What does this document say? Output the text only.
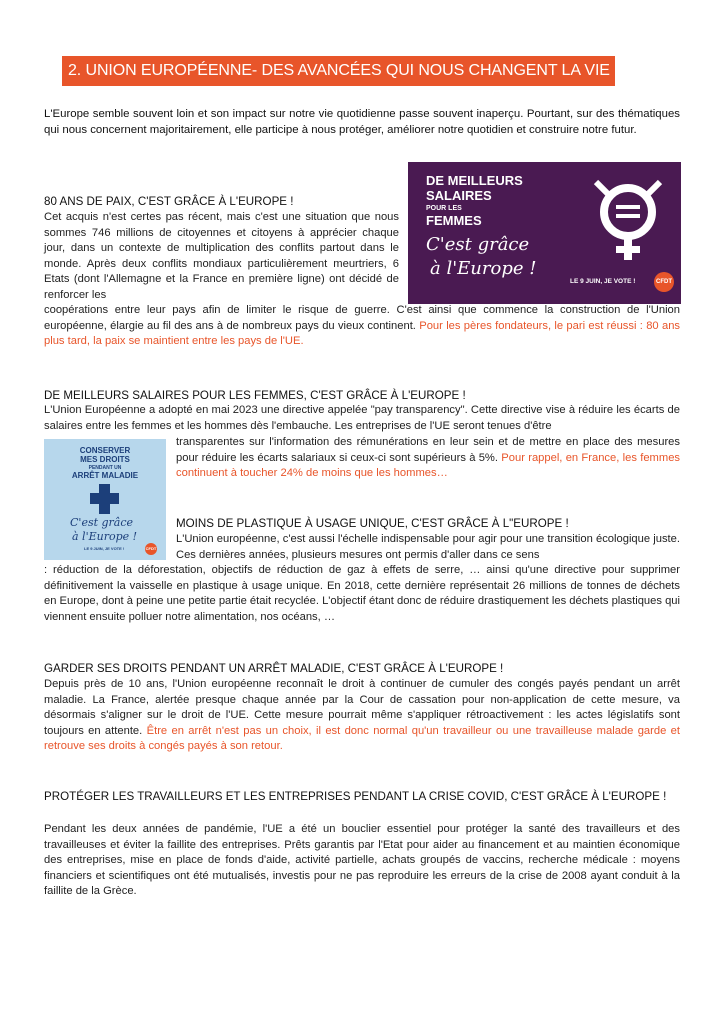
2. UNION EUROPÉENNE- DES AVANCÉES QUI NOUS CHANGENT LA VIE

L'Europe semble souvent loin et son impact sur notre vie quotidienne passe souvent inaperçu. Pourtant, sur des thématiques qui nous concernent majoritairement, elle participe à nous protéger, améliorer notre quotidien et construire notre futur.

DE MEILLEURS
SALAIRES
POUR LES
FEMMES
C'est grâce
à l'Europe !
LE 9 JUIN, JE VOTE !	CFDT
80 ANS DE PAIX, C'EST GRÂCE À L'EUROPE !

Cet acquis n'est certes pas récent, mais c'est une situation que nous sommes 746 millions de citoyennes et citoyens à apprécier chaque jour, dans un contexte de multiplication des conflits partout dans le monde. Après deux conflits mondiaux particulièrement meurtriers, 6 Etats (dont l'Allemagne et la France en première ligne) ont décidé de renforcer les

coopérations entre leur pays afin de limiter le risque de guerre. C'est ainsi que commence la construction de l'Union européenne, élargie au fil des ans à de nombreux pays du vieux continent. Pour les pères fondateurs, le pari est réussi : 80 ans plus tard, la paix se maintient entre les pays de l'UE.

DE MEILLEURS SALAIRES POUR LES FEMMES, C'EST GRÂCE À L'EUROPE !

L'Union Européenne a adopté en mai 2023 une directive appelée "pay transparency". Cette directive vise à réduire les écarts de salaires entre les femmes et les hommes dès l'embauche. Les entreprises de l'UE seront tenues d'être

transparentes sur l'information des rémunérations en leur sein et de mettre en place des mesures pour réduire les écarts salariaux si ceux-ci sont supérieurs à 5%. Pour rappel, en France, les femmes continuent à toucher 24% de moins que les hommes…

CONSERVER
MES DROITS
PENDANT UN
ARRÊT MALADIE
C'est grâce
à l'Europe !
LE 9 JUIN, JE VOTE !	CFDT
MOINS DE PLASTIQUE À USAGE UNIQUE, C'EST GRÂCE À L"EUROPE !

L'Union européenne, c'est aussi l'échelle indispensable pour agir pour une transition écologique juste. Ces dernières années, plusieurs mesures ont permis d'aller dans ce sens

: réduction de la déforestation, objectifs de réduction de gaz à effets de serre, … ainsi qu'une directive pour supprimer définitivement la vaisselle en plastique à usage unique. En 2018, cette dernière représentait 26 millions de tonnes de déchets en Europe, dont à peine une petite partie était recyclée. L'objectif étant donc de réduire drastiquement les déchets plastiques qui viennent ensuite polluer notre alimentation, nos océans, …

GARDER SES DROITS PENDANT UN ARRÊT MALADIE, C'EST GRÂCE À L'EUROPE !

Depuis près de 10 ans, l'Union européenne reconnaît le droit à continuer de cumuler des congés payés pendant un arrêt maladie. La France, alertée presque chaque année par la Cour de cassation pour non-application de cette mesure, va désormais s'aligner sur le droit de l'UE. Cette mesure pourrait même s'appliquer rétroactivement : les actes législatifs sont toujours en attente. Être en arrêt n'est pas un choix, il est donc normal qu'un travailleur ou une travailleuse malade garde et retrouve ses droits à congés payés à son retour.

PROTÉGER LES TRAVAILLEURS ET LES ENTREPRISES PENDANT LA CRISE COVID, C'EST GRÂCE À L'EUROPE !

Pendant les deux années de pandémie, l'UE a été un bouclier essentiel pour protéger la santé des travailleurs et des travailleuses et éviter la faillite des entreprises. Prêts garantis par l'Etat pour aider au financement et au maintien économique des entreprises, mise en place de fonds d'aide, activité partielle, achats groupés de vaccins, recherche médicale : moyens financiers et scientifiques ont été mutualisés, investis pour ne pas reproduire les erreurs de la crise de 2008 ayant conduit à la faillite de la Grèce.
